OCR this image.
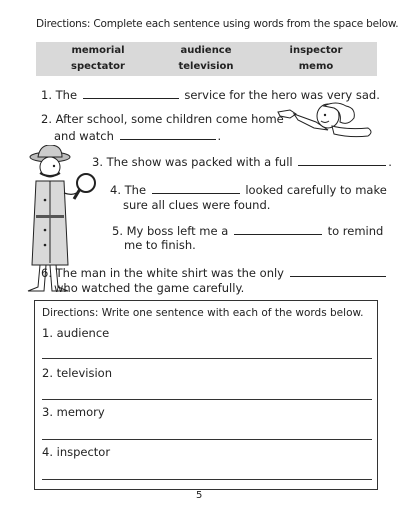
Directions: Complete each sentence using words from the space below.
memorial	audience	inspector
spectator	television	memo
1. The	service for the hero was very sad.
2. After school, some children come home
and watch	.
3. The show was packed with a full	.
4. The	looked carefully to make
sure all clues were found.
5. My boss left me a	to remind
me to finish.
6. The man in the white shirt was the only
who watched the game carefully.
Directions: Write one sentence with each of the words below.
1. audience
2. television
3. memory
4. inspector
5
